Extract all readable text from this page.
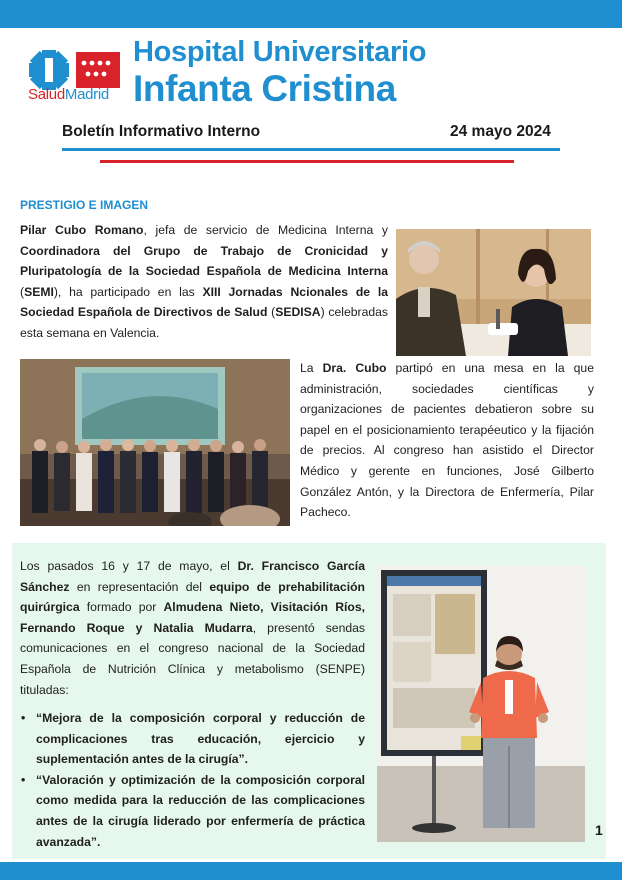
SaludMadrid
Hospital Universitario
Infanta Cristina
Boletín Informativo Interno	24 mayo 2024
PRESTIGIO E IMAGEN

Pilar Cubo Romano, jefa de servicio de Medicina Interna y Coordinadora del Grupo de Trabajo de Cronicidad y Pluripatología de la Sociedad Española de Medicina Interna (SEMI), ha participado en las XIII Jornadas Ncionales de la Sociedad Española de Directivos de Salud (SEDISA) celebradas esta semana en Valencia.

La Dra. Cubo partipó en una mesa en la que administración, sociedades científicas y organizaciones de pacientes debatieron sobre su papel en el posicionamiento terapéeutico y la fijación de precios. Al congreso han asistido el Director Médico y gerente en funciones, José Gilberto González Antón, y la Directora de Enfermería, Pilar Pacheco.

Los pasados 16 y 17 de mayo, el Dr. Francisco García Sánchez en representación del equipo de prehabilitación quirúrgica formado por Almudena Nieto, Visitación Ríos, Fernando Roque y Natalia Mudarra, presentó sendas comunicaciones en el congreso nacional de la Sociedad Española de Nutrición Clínica y metabolismo (SENPE) tituladas:

• “Mejora de la composición corporal y reducción de complicaciones tras educación, ejercicio y suplementación antes de la cirugía”.
• “Valoración y optimización de la composición corporal como medida para la reducción de las complicaciones antes de la cirugía liderado por enfermería de práctica avanzada”.
1
